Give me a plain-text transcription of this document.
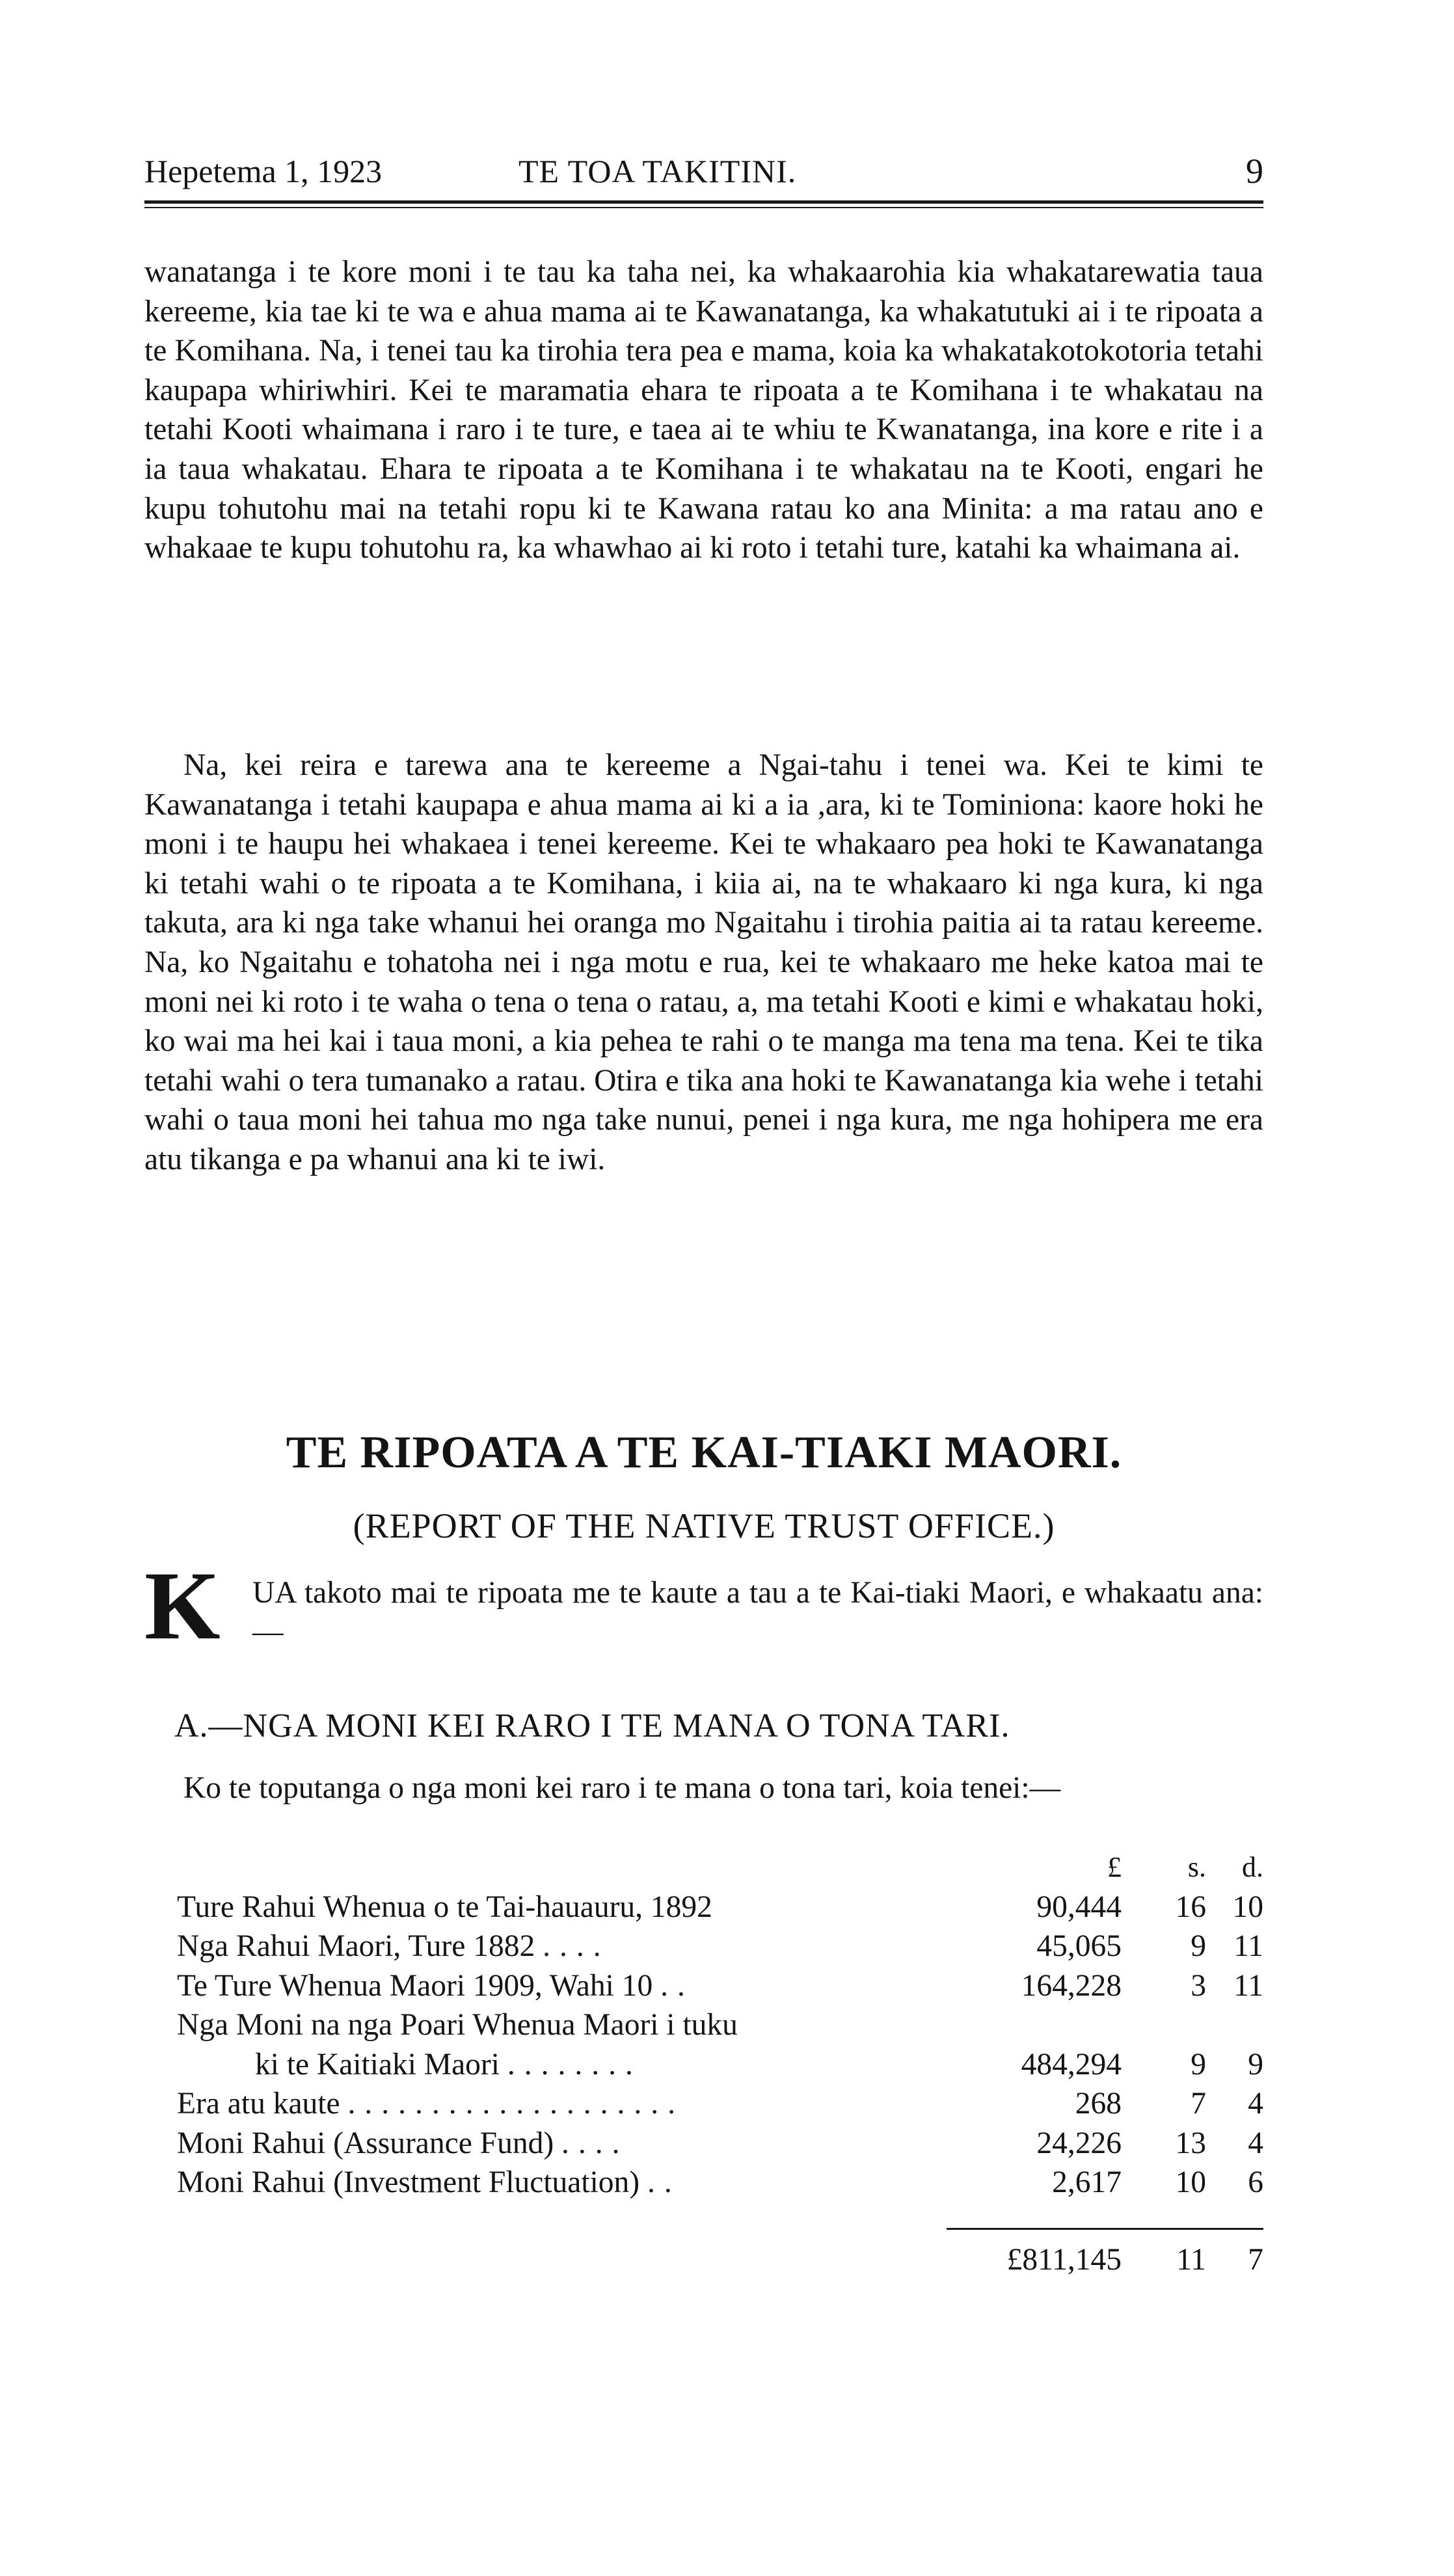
Hepetema 1, 1923	TE TOA TAKITINI.	9
wanatanga i te kore moni i te tau ka taha nei, ka whakaarohia kia whakatarewatia taua kereeme, kia tae ki te wa e ahua mama ai te Kawanatanga, ka whakatutuki ai i te ripoata a te Komihana. Na, i tenei tau ka tirohia tera pea e mama, koia ka whakatakotokotoria tetahi kaupapa whiriwhiri. Kei te maramatia ehara te ripoata a te Komihana i te whakatau na tetahi Kooti whaimana i raro i te ture, e taea ai te whiu te Kwanatanga, ina kore e rite i a ia taua whakatau. Ehara te ripoata a te Komihana i te whakatau na te Kooti, engari he kupu tohutohu mai na tetahi ropu ki te Kawana ratau ko ana Minita: a ma ratau ano e whakaae te kupu tohutohu ra, ka whawhao ai ki roto i tetahi ture, katahi ka whaimana ai.
Na, kei reira e tarewa ana te kereeme a Ngai-tahu i tenei wa. Kei te kimi te Kawanatanga i tetahi kaupapa e ahua mama ai ki a ia ,ara, ki te Tominiona: kaore hoki he moni i te haupu hei whakaea i tenei kereeme. Kei te whakaaro pea hoki te Kawanatanga ki tetahi wahi o te ripoata a te Komihana, i kiia ai, na te whakaaro ki nga kura, ki nga takuta, ara ki nga take whanui hei oranga mo Ngaitahu i tirohia paitia ai ta ratau kereeme. Na, ko Ngaitahu e tohatoha nei i nga motu e rua, kei te whakaaro me heke katoa mai te moni nei ki roto i te waha o tena o tena o ratau, a, ma tetahi Kooti e kimi e whakatau hoki, ko wai ma hei kai i taua moni, a kia pehea te rahi o te manga ma tena ma tena. Kei te tika tetahi wahi o tera tumanako a ratau. Otira e tika ana hoki te Kawanatanga kia wehe i tetahi wahi o taua moni hei tahua mo nga take nunui, penei i nga kura, me nga hohipera me era atu tikanga e pa whanui ana ki te iwi.
TE RIPOATA A TE KAI-TIAKI MAORI.
(REPORT OF THE NATIVE TRUST OFFICE.)
K	UA takoto mai te ripoata me te kaute a tau a te Kai-tiaki Maori, e whakaatu ana:—
A.—NGA MONI KEI RARO I TE MANA O TONA TARI.
Ko te toputanga o nga moni kei raro i te mana o tona tari, koia tenei:—
£	s.	d.
Ture Rahui Whenua o te Tai-hauauru, 1892	90,444	16 10
Nga Rahui Maori, Ture 1882 ....	45,065	9 11
Te Ture Whenua Maori 1909, Wahi 10 ..	164,228	3 11
Nga Moni na nga Poari Whenua Maori i tuku
ki te Kaitiaki Maori ........	484,294	9	9
Era atu kaute ....................	268	7	4
Moni Rahui (Assurance Fund) ....	24,226	13	4
Moni Rahui (Investment Fluctuation) ..	2,617	10	6
£811,145	11	7
